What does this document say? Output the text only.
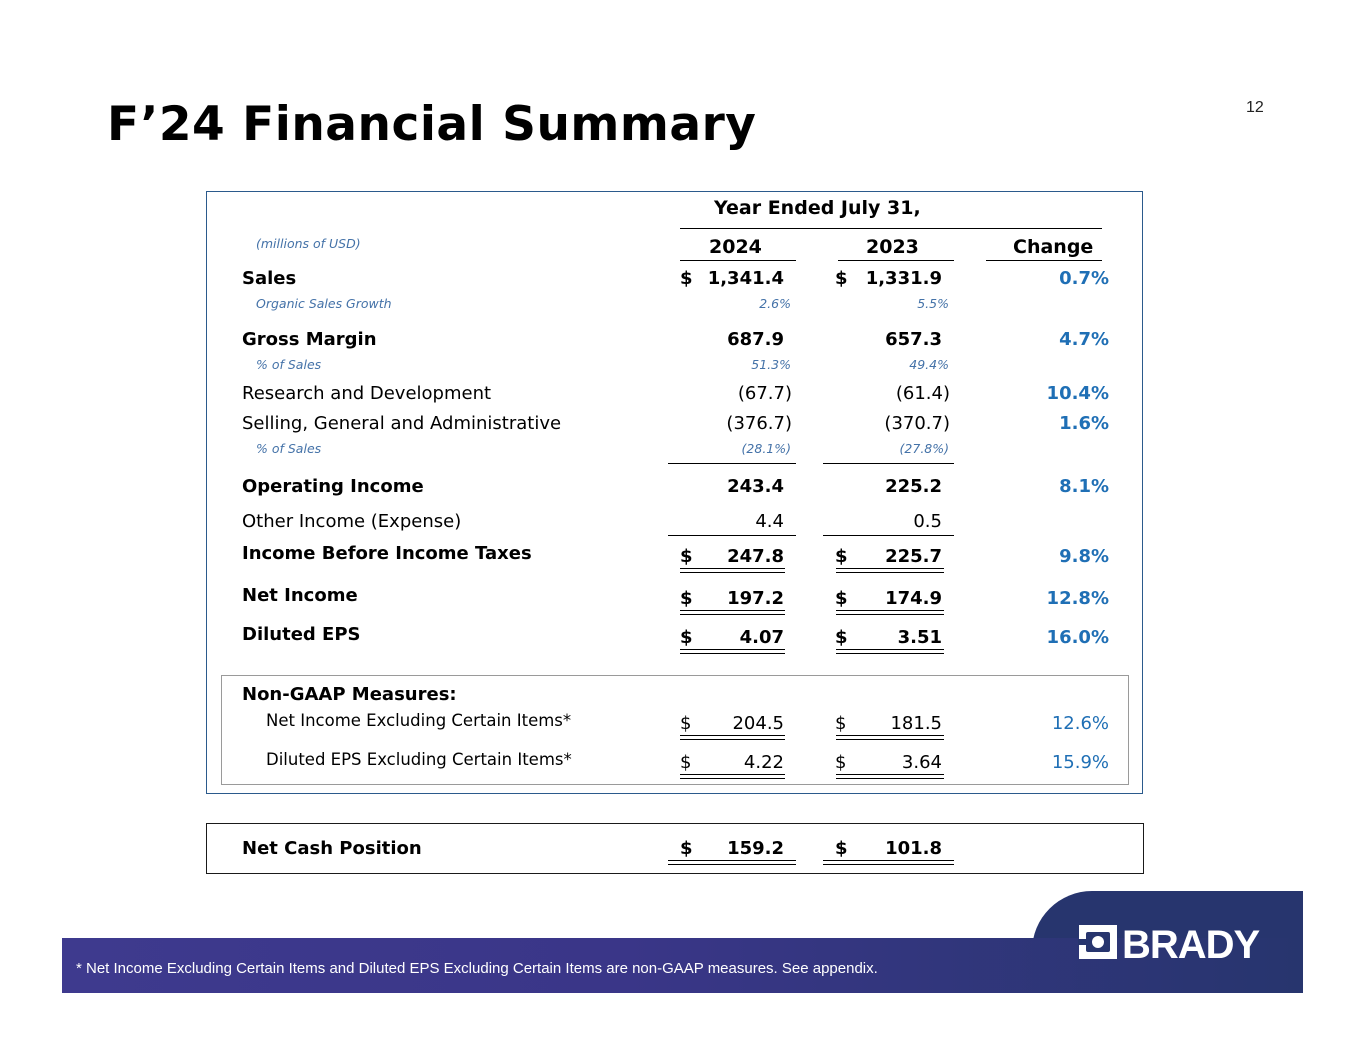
F’24 Financial Summary	12
Year Ended July 31,
(millions of USD)	2024	2023	Change
Sales	$ 1,341.4	$	1,331.9	0.7%
Organic Sales Growth	2.6%	5.5%
Gross Margin	687.9	657.3	4.7%
% of Sales	51.3%	49.4%
Research and Development	(67.7)	(61.4)	10.4%
Selling, General and Administrative	(376.7)	(370.7)	1.6%
% of Sales	(28.1%)	(27.8%)
Operating Income	243.4	225.2	8.1%
Other Income (Expense)	4.4	0.5
Income Before Income Taxes	$	247.8	$	225.7	9.8%
Net Income	$	197.2	$	174.9	12.8%
Diluted EPS	$	4.07	$	3.51	16.0%
Non-GAAP Measures:
Net Income Excluding Certain Items*	$	204.5	$	181.5	12.6%
Diluted EPS Excluding Certain Items*	$	4.22	$	3.64	15.9%
Net Cash Position	$	159.2	$	101.8
* Net Income Excluding Certain Items and Diluted EPS Excluding Certain Items are non-GAAP measures. See appendix.
BRADY
